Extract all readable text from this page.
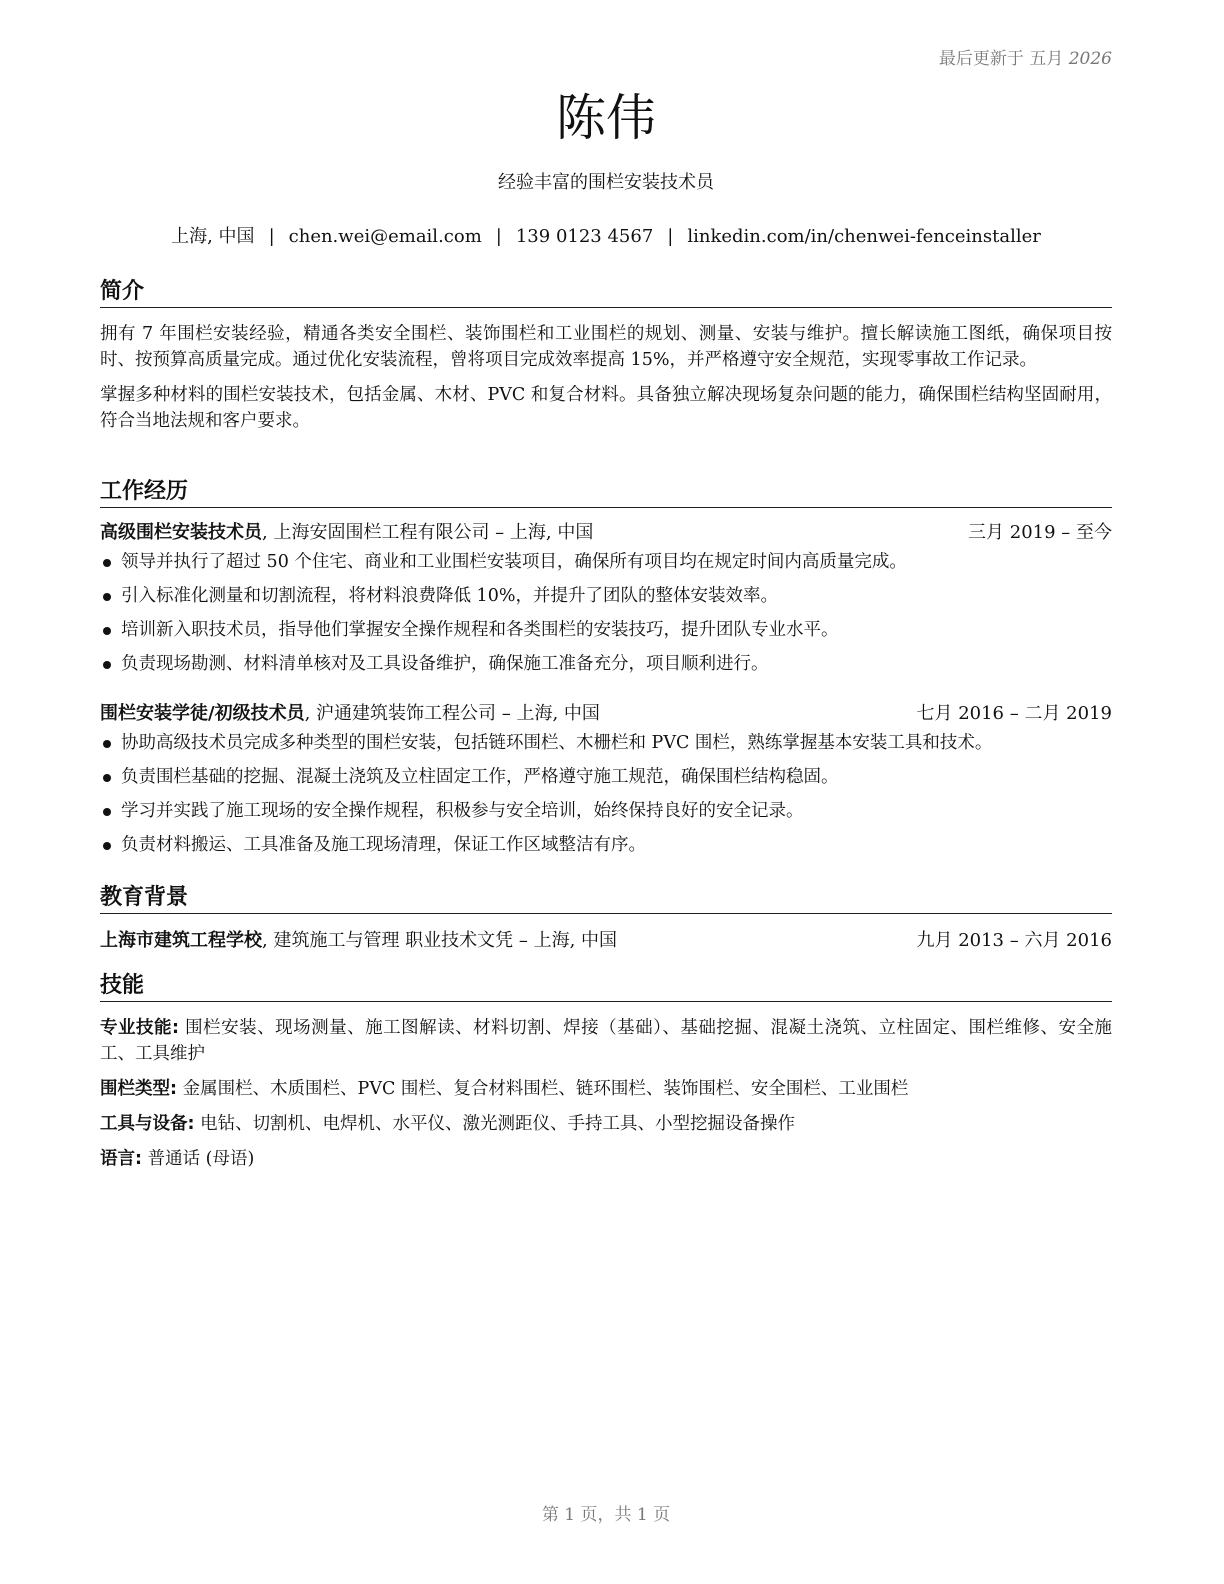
最后更新于 五月 2026
陈伟
经验丰富的围栏安装技术员
上海, 中国 | chen.wei@email.com | 139 0123 4567 | linkedin.com/in/chenwei-fenceinstaller
简介

拥有 7 年围栏安装经验，精通各类安全围栏、装饰围栏和工业围栏的规划、测量、安装与维护。擅长解读施工图纸，确保项目按时、按预算高质量完成。通过优化安装流程，曾将项目完成效率提高 15%，并严格遵守安全规范，实现零事故工作记录。

掌握多种材料的围栏安装技术，包括金属、木材、PVC 和复合材料。具备独立解决现场复杂问题的能力，确保围栏结构坚固耐用，符合当地法规和客户要求。

工作经历
高级围栏安装技术员, 上海安固围栏工程有限公司 – 上海, 中国	三月 2019 – 至今
领导并执行了超过 50 个住宅、商业和工业围栏安装项目，确保所有项目均在规定时间内高质量完成。
引入标准化测量和切割流程，将材料浪费降低 10%，并提升了团队的整体安装效率。
培训新入职技术员，指导他们掌握安全操作规程和各类围栏的安装技巧，提升团队专业水平。
负责现场勘测、材料清单核对及工具设备维护，确保施工准备充分，项目顺利进行。
围栏安装学徒/初级技术员, 沪通建筑装饰工程公司 – 上海, 中国	七月 2016 – 二月 2019
协助高级技术员完成多种类型的围栏安装，包括链环围栏、木栅栏和 PVC 围栏，熟练掌握基本安装工具和技术。
负责围栏基础的挖掘、混凝土浇筑及立柱固定工作，严格遵守施工规范，确保围栏结构稳固。
学习并实践了施工现场的安全操作规程，积极参与安全培训，始终保持良好的安全记录。
负责材料搬运、工具准备及施工现场清理，保证工作区域整洁有序。
教育背景
上海市建筑工程学校, 建筑施工与管理 职业技术文凭 – 上海, 中国	九月 2013 – 六月 2016
技能
专业技能: 围栏安装、现场测量、施工图解读、材料切割、焊接（基础）、基础挖掘、混凝土浇筑、立柱固定、围栏维修、安全施工、工具维护
围栏类型: 金属围栏、木质围栏、PVC 围栏、复合材料围栏、链环围栏、装饰围栏、安全围栏、工业围栏
工具与设备: 电钻、切割机、电焊机、水平仪、激光测距仪、手持工具、小型挖掘设备操作
语言: 普通话 (母语)
第 1 页，共 1 页
